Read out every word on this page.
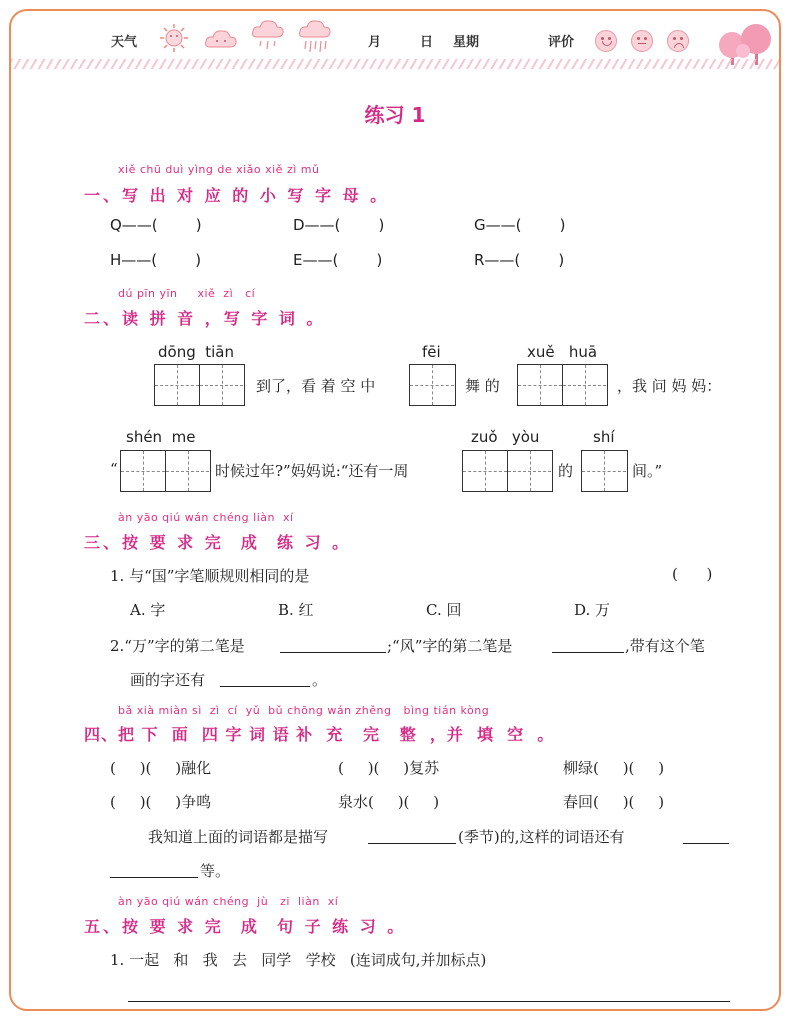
天气	月	日 星期	评价
练习 1
xiě chū duì yìng de xiǎo xiě zì mǔ
一、写 出 对 应 的 小 写 字 母 。
Q——(        )	D——(        )	G——(        )
H——(        )	E——(        )	R——(        )
dú pīn yīn     xiě  zì   cí
二、读 拼 音 ，写 字 词 。
dōng  tiān
到了，看 着 空 中
fēi
舞 的
xuě   huā
，我 问 妈 妈：
“
shén  me
时候过年?”妈妈说:“还有一周
zuǒ   yòu
的
shí
间。”
àn yāo qiú wán chéng liàn  xí
三、按 要 求 完  成  练 习 。
1. 与“国”字笔顺规则相同的是	(      )
A. 字	B. 红	C. 回	D. 万
2.“万”字的第二笔是	;“风”字的第二笔是	,带有这个笔
画的字还有	。
bǎ xià miàn sì  zì  cí  yǔ  bǔ chōng wán zhěng   bìng tián kòng
四、把 下  面  四 字 词 语 补  充   完   整  ，并  填  空  。
(     )(     )融化	(     )(     )复苏	柳绿(     )(     )
(     )(     )争鸣	泉水(     )(     )	春回(     )(     )
我知道上面的词语都是描写	(季节)的,这样的词语还有
等。
àn yāo qiú wán chéng  jù   zi  liàn  xí
五、按 要 求 完  成  句 子 练 习 。
1. 一起   和   我   去   同学   学校   (连词成句,并加标点)
